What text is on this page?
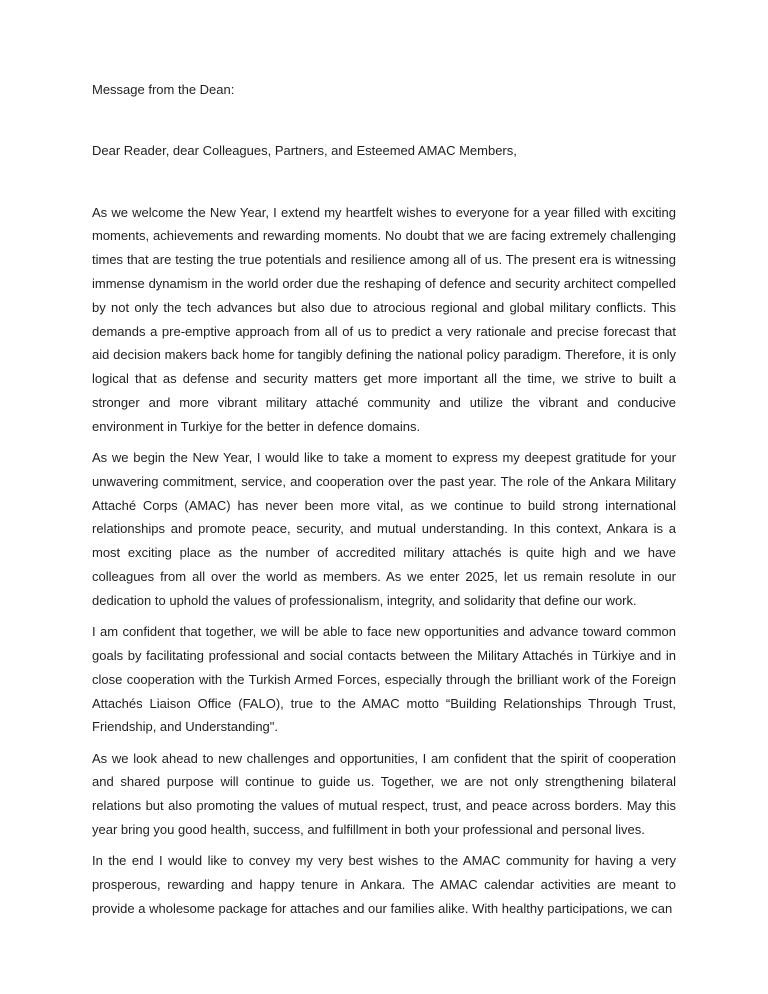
Message from the Dean:

Dear Reader, dear Colleagues, Partners, and Esteemed AMAC Members,

As we welcome the New Year, I extend my heartfelt wishes to everyone for a year filled with exciting moments, achievements and rewarding moments. No doubt that we are facing extremely challenging times that are testing the true potentials and resilience among all of us. The present era is witnessing immense dynamism in the world order due the reshaping of defence and security architect compelled by not only the tech advances but also due to atrocious regional and global military conflicts. This demands a pre-emptive approach from all of us to predict a very rationale and precise forecast that aid decision makers back home for tangibly defining the national policy paradigm. Therefore, it is only logical that as defense and security matters get more important all the time, we strive to built a stronger and more vibrant military attaché community and utilize the vibrant and conducive environment in Turkiye for the better in defence domains.

As we begin the New Year, I would like to take a moment to express my deepest gratitude for your unwavering commitment, service, and cooperation over the past year. The role of the Ankara Military Attaché Corps (AMAC) has never been more vital, as we continue to build strong international relationships and promote peace, security, and mutual understanding. In this context, Ankara is a most exciting place as the number of accredited military attachés is quite high and we have colleagues from all over the world as members. As we enter 2025, let us remain resolute in our dedication to uphold the values of professionalism, integrity, and solidarity that define our work.

I am confident that together, we will be able to face new opportunities and advance toward common goals by facilitating professional and social contacts between the Military Attachés in Türkiye and in close cooperation with the Turkish Armed Forces, especially through the brilliant work of the Foreign Attachés Liaison Office (FALO), true to the AMAC motto “Building Relationships Through Trust, Friendship, and Understanding".

As we look ahead to new challenges and opportunities, I am confident that the spirit of cooperation and shared purpose will continue to guide us. Together, we are not only strengthening bilateral relations but also promoting the values of mutual respect, trust, and peace across borders. May this year bring you good health, success, and fulfillment in both your professional and personal lives.

In the end I would like to convey my very best wishes to the AMAC community for having a very prosperous, rewarding and happy tenure in Ankara. The AMAC calendar activities are meant to provide a wholesome package for attaches and our families alike. With healthy participations, we can
